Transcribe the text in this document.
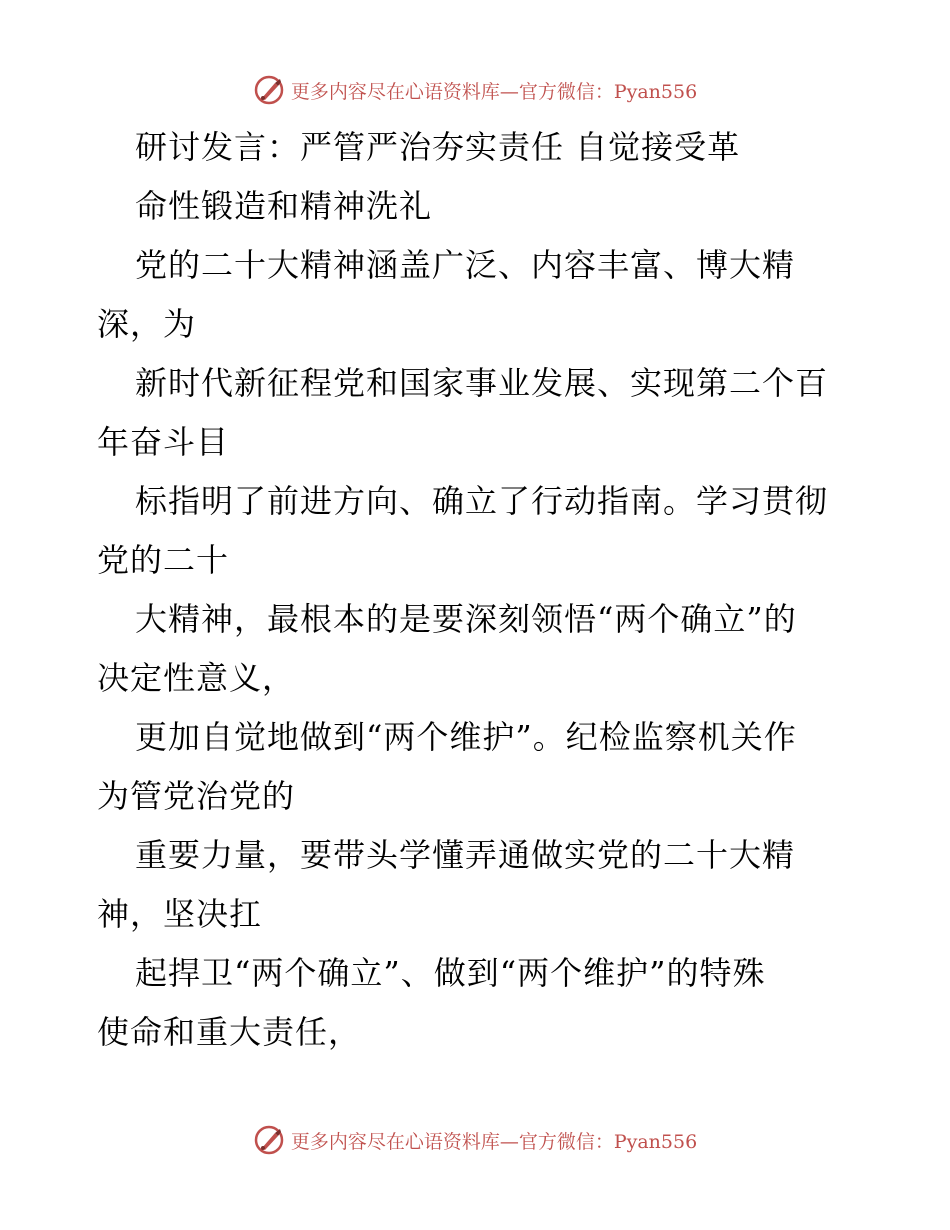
更多内容尽在心语资料库—官方微信：Pyan556
研讨发言：严管严治夯实责任 自觉接受革
命性锻造和精神洗礼
党的二十大精神涵盖广泛、内容丰富、博大精
深，为
新时代新征程党和国家事业发展、实现第二个百
年奋斗目
标指明了前进方向、确立了行动指南。学习贯彻
党的二十
大精神，最根本的是要深刻领悟“两个确立”的
决定性意义，
更加自觉地做到“两个维护”。纪检监察机关作
为管党治党的
重要力量，要带头学懂弄通做实党的二十大精
神，坚决扛
起捍卫“两个确立”、做到“两个维护”的特殊
使命和重大责任，
更多内容尽在心语资料库—官方微信：Pyan556
